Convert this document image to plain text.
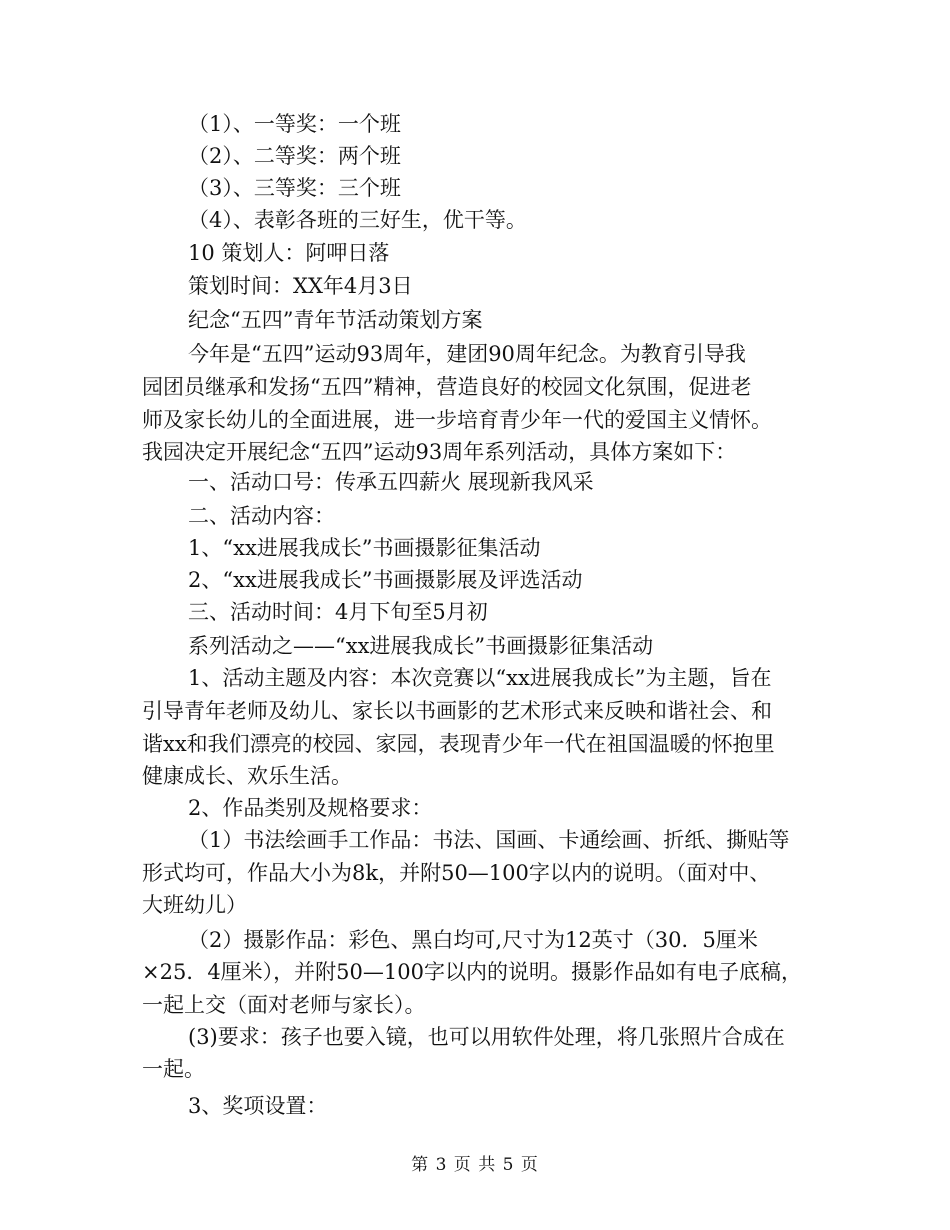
（1）、一等奖：一个班
（2）、二等奖：两个班
（3）、三等奖：三个班
（4）、表彰各班的三好生，优干等。
10 策划人：阿呷日落
策划时间：XX年4月3日
纪念“五四”青年节活动策划方案
今年是“五四”运动93周年，建团90周年纪念。为教育引导我
园团员继承和发扬“五四”精神，营造良好的校园文化氛围，促进老
师及家长幼儿的全面进展，进一步培育青少年一代的爱国主义情怀。
我园决定开展纪念“五四”运动93周年系列活动，具体方案如下：
一、活动口号：传承五四薪火 展现新我风采
二、活动内容：
1、“xx进展我成长”书画摄影征集活动
2、“xx进展我成长”书画摄影展及评选活动
三、活动时间：4月下旬至5月初
系列活动之——“xx进展我成长”书画摄影征集活动
1、活动主题及内容：本次竞赛以“xx进展我成长”为主题，旨在
引导青年老师及幼儿、家长以书画影的艺术形式来反映和谐社会、和
谐xx和我们漂亮的校园、家园，表现青少年一代在祖国温暖的怀抱里
健康成长、欢乐生活。
2、作品类别及规格要求：
（1）书法绘画手工作品：书法、国画、卡通绘画、折纸、撕贴等
形式均可，作品大小为8k，并附50—100字以内的说明。（面对中、
大班幼儿）
（2）摄影作品：彩色、黑白均可,尺寸为12英寸（30．5厘米
×25．4厘米），并附50—100字以内的说明。摄影作品如有电子底稿，
一起上交（面对老师与家长）。
(3)要求：孩子也要入镜，也可以用软件处理，将几张照片合成在
一起。
3、奖项设置：
第 3 页 共 5 页
